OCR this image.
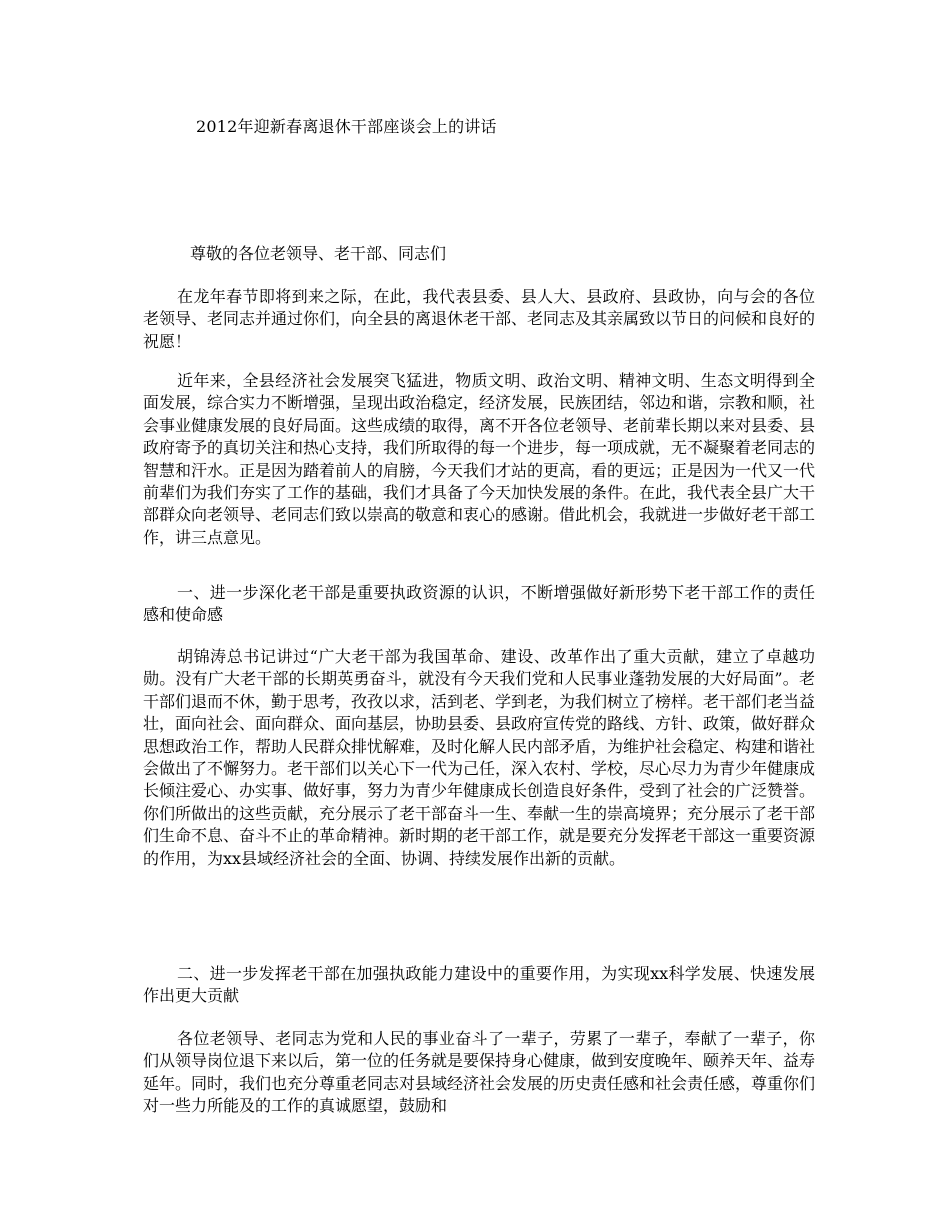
2012年迎新春离退休干部座谈会上的讲话
尊敬的各位老领导、老干部、同志们

在龙年春节即将到来之际，在此，我代表县委、县人大、县政府、县政协，向与会的各位老领导、老同志并通过你们，向全县的离退休老干部、老同志及其亲属致以节日的问候和良好的祝愿！

近年来，全县经济社会发展突飞猛进，物质文明、政治文明、精神文明、生态文明得到全面发展，综合实力不断增强，呈现出政治稳定，经济发展，民族团结，邻边和谐，宗教和顺，社会事业健康发展的良好局面。这些成绩的取得，离不开各位老领导、老前辈长期以来对县委、县政府寄予的真切关注和热心支持，我们所取得的每一个进步，每一项成就，无不凝聚着老同志的智慧和汗水。正是因为踏着前人的肩膀，今天我们才站的更高，看的更远；正是因为一代又一代前辈们为我们夯实了工作的基础，我们才具备了今天加快发展的条件。在此，我代表全县广大干部群众向老领导、老同志们致以崇高的敬意和衷心的感谢。借此机会，我就进一步做好老干部工作，讲三点意见。

一、进一步深化老干部是重要执政资源的认识，不断增强做好新形势下老干部工作的责任感和使命感

胡锦涛总书记讲过“广大老干部为我国革命、建设、改革作出了重大贡献，建立了卓越功勋。没有广大老干部的长期英勇奋斗，就没有今天我们党和人民事业蓬勃发展的大好局面”。老干部们退而不休，勤于思考，孜孜以求，活到老、学到老，为我们树立了榜样。老干部们老当益壮，面向社会、面向群众、面向基层，协助县委、县政府宣传党的路线、方针、政策，做好群众思想政治工作，帮助人民群众排忧解难，及时化解人民内部矛盾，为维护社会稳定、构建和谐社会做出了不懈努力。老干部们以关心下一代为己任，深入农村、学校，尽心尽力为青少年健康成长倾注爱心、办实事、做好事，努力为青少年健康成长创造良好条件，受到了社会的广泛赞誉。你们所做出的这些贡献，充分展示了老干部奋斗一生、奉献一生的崇高境界；充分展示了老干部们生命不息、奋斗不止的革命精神。新时期的老干部工作，就是要充分发挥老干部这一重要资源的作用，为xx县域经济社会的全面、协调、持续发展作出新的贡献。

二、进一步发挥老干部在加强执政能力建设中的重要作用，为实现xx科学发展、快速发展作出更大贡献

各位老领导、老同志为党和人民的事业奋斗了一辈子，劳累了一辈子，奉献了一辈子，你们从领导岗位退下来以后，第一位的任务就是要保持身心健康，做到安度晚年、颐养天年、益寿延年。同时，我们也充分尊重老同志对县域经济社会发展的历史责任感和社会责任感，尊重你们对一些力所能及的工作的真诚愿望，鼓励和
